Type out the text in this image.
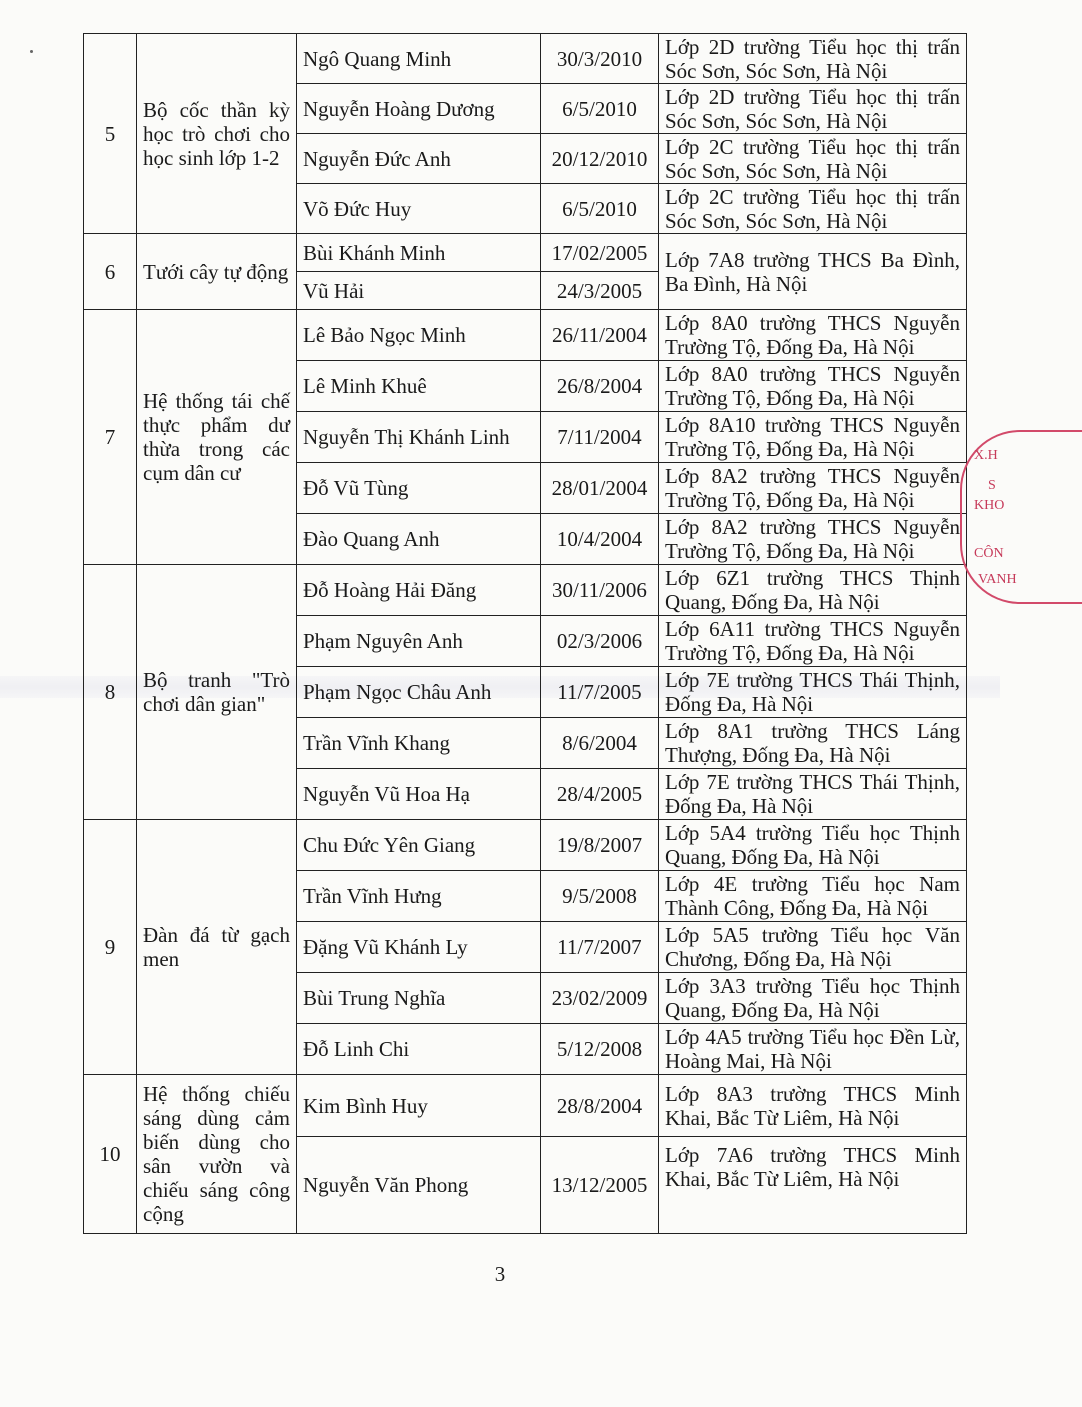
5	Bộ cốc thần kỳ học trò chơi cho học sinh lớp 1-2	Ngô Quang Minh	30/3/2010	Lớp 2D trường Tiểu học thị trấn Sóc Sơn, Sóc Sơn, Hà Nội
		Nguyễn Hoàng Dương	6/5/2010	Lớp 2D trường Tiểu học thị trấn Sóc Sơn, Sóc Sơn, Hà Nội
		Nguyễn Đức Anh	20/12/2010	Lớp 2C trường Tiểu học thị trấn Sóc Sơn, Sóc Sơn, Hà Nội
		Võ Đức Huy	6/5/2010	Lớp 2C trường Tiểu học thị trấn Sóc Sơn, Sóc Sơn, Hà Nội
6	Tưới cây tự động	Bùi Khánh Minh	17/02/2005	Lớp 7A8 trường THCS Ba Đình, Ba Đình, Hà Nội
		Vũ Hải	24/3/2005	
7	Hệ thống tái chế thực phẩm dư thừa trong các cụm dân cư	Lê Bảo Ngọc Minh	26/11/2004	Lớp 8A0 trường THCS Nguyễn Trường Tộ, Đống Đa, Hà Nội
		Lê Minh Khuê	26/8/2004	Lớp 8A0 trường THCS Nguyễn Trường Tộ, Đống Đa, Hà Nội
		Nguyễn Thị Khánh Linh	7/11/2004	Lớp 8A10 trường THCS Nguyễn Trường Tộ, Đống Đa, Hà Nội
		Đỗ Vũ Tùng	28/01/2004	Lớp 8A2 trường THCS Nguyễn Trường Tộ, Đống Đa, Hà Nội
		Đào Quang Anh	10/4/2004	Lớp 8A2 trường THCS Nguyễn Trường Tộ, Đống Đa, Hà Nội
8	Bộ tranh "Trò chơi dân gian"	Đỗ Hoàng Hải Đăng	30/11/2006	Lớp 6Z1 trường THCS Thịnh Quang, Đống Đa, Hà Nội
		Phạm Nguyên Anh	02/3/2006	Lớp 6A11 trường THCS Nguyễn Trường Tộ, Đống Đa, Hà Nội
		Phạm Ngọc Châu Anh	11/7/2005	Lớp 7E trường THCS Thái Thịnh, Đống Đa, Hà Nội
		Trần Vĩnh Khang	8/6/2004	Lớp 8A1 trường THCS Láng Thượng, Đống Đa, Hà Nội
		Nguyễn Vũ Hoa Hạ	28/4/2005	Lớp 7E trường THCS Thái Thịnh, Đống Đa, Hà Nội
9	Đàn đá từ gạch men	Chu Đức Yên Giang	19/8/2007	Lớp 5A4 trường Tiểu học Thịnh Quang, Đống Đa, Hà Nội
		Trần Vĩnh Hưng	9/5/2008	Lớp 4E trường Tiểu học Nam Thành Công, Đống Đa, Hà Nội
		Đặng Vũ Khánh Ly	11/7/2007	Lớp 5A5 trường Tiểu học Văn Chương, Đống Đa, Hà Nội
		Bùi Trung Nghĩa	23/02/2009	Lớp 3A3 trường Tiểu học Thịnh Quang, Đống Đa, Hà Nội
		Đỗ Linh Chi	5/12/2008	Lớp 4A5 trường Tiểu học Đền Lừ, Hoàng Mai, Hà Nội
10	Hệ thống chiếu sáng dùng cảm biến dùng cho sân vườn và chiếu sáng công cộng	Kim Bình Huy	28/8/2004	Lớp 8A3 trường THCS Minh Khai, Bắc Từ Liêm, Hà Nội
		Nguyễn Văn Phong	13/12/2005	Lớp 7A6 trường THCS Minh Khai, Bắc Từ Liêm, Hà Nội
X.H
S
KHO
CÔN
VANH
3
